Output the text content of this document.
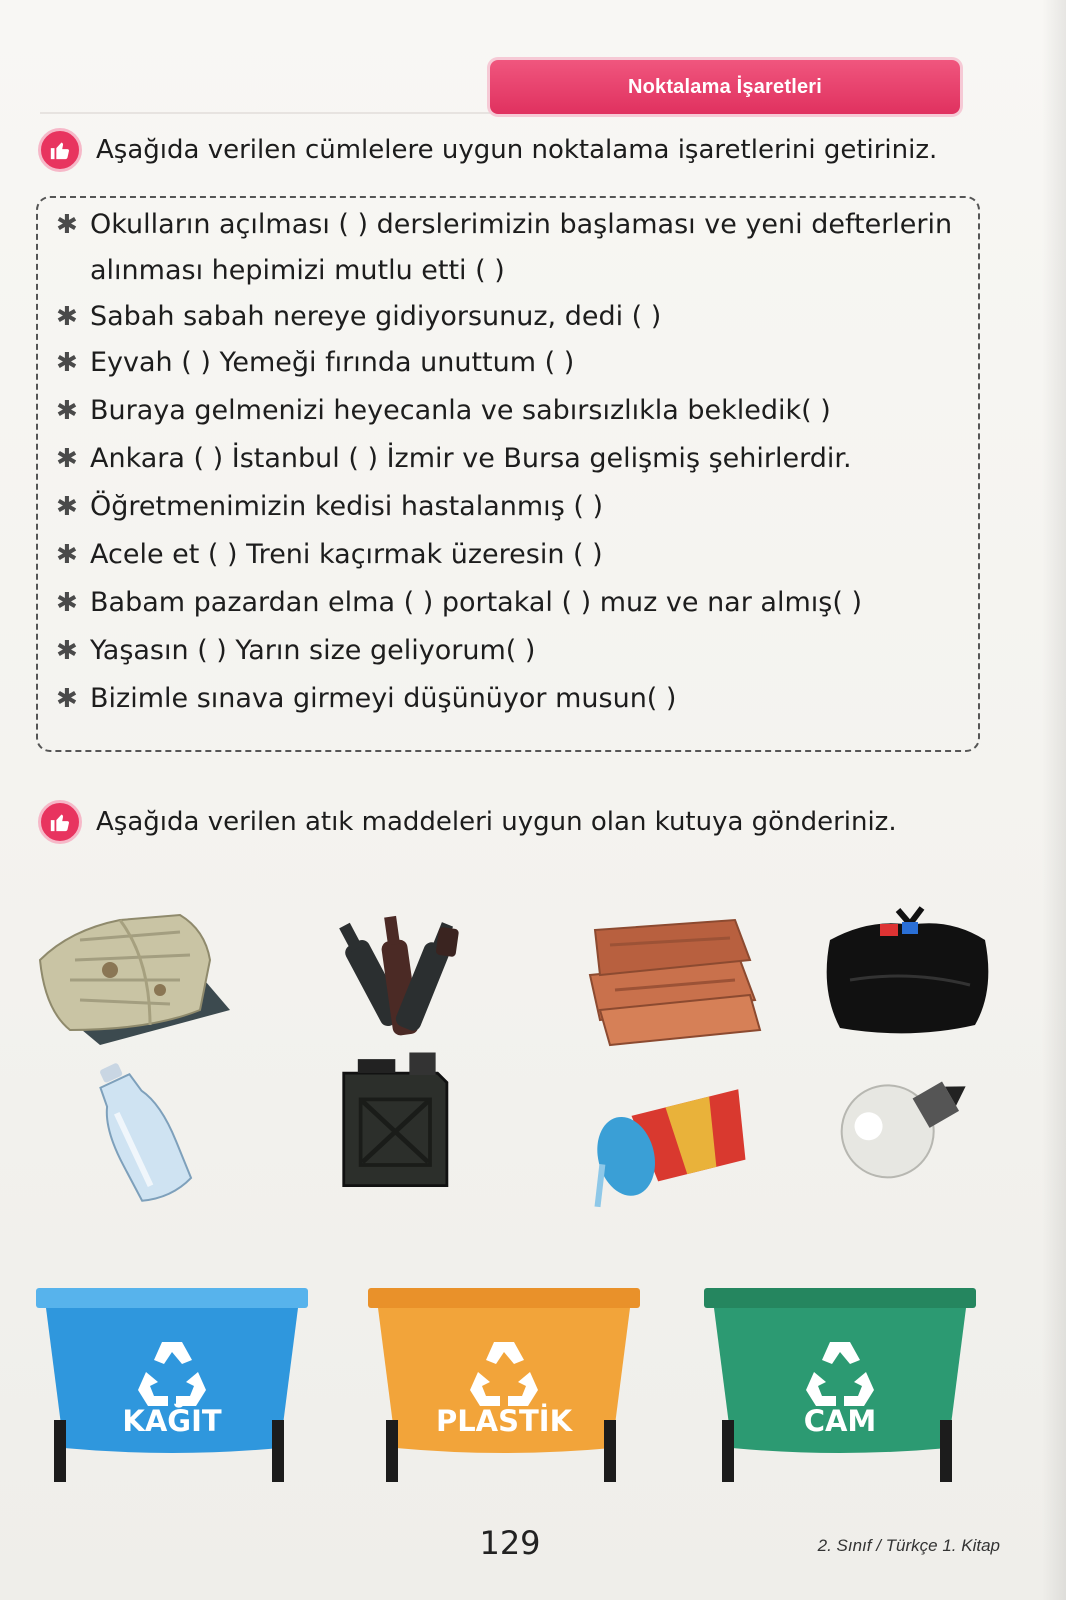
Noktalama İşaretleri
Aşağıda verilen cümlelere uygun noktalama işaretlerini getiriniz.
✱ Okulların açılması ( ) derslerimizin başlaması ve yeni defterlerin alınması hepimizi mutlu etti ( )
✱ Sabah sabah nereye gidiyorsunuz, dedi ( )
✱ Eyvah ( ) Yemeği fırında unuttum ( )
✱ Buraya gelmenizi heyecanla ve sabırsızlıkla bekledik( )
✱ Ankara ( ) İstanbul ( ) İzmir ve Bursa gelişmiş şehirlerdir.
✱ Öğretmenimizin kedisi hastalanmış ( )
✱ Acele et ( ) Treni kaçırmak üzeresin ( )
✱ Babam pazardan elma ( ) portakal ( ) muz ve nar almış( )
✱ Yaşasın ( ) Yarın size geliyorum( )
✱ Bizimle sınava girmeyi düşünüyor musun( )
Aşağıda verilen atık maddeleri uygun olan kutuya gönderiniz.
KAĞIT	PLASTİK	CAM
129	2. Sınıf / Türkçe 1. Kitap
